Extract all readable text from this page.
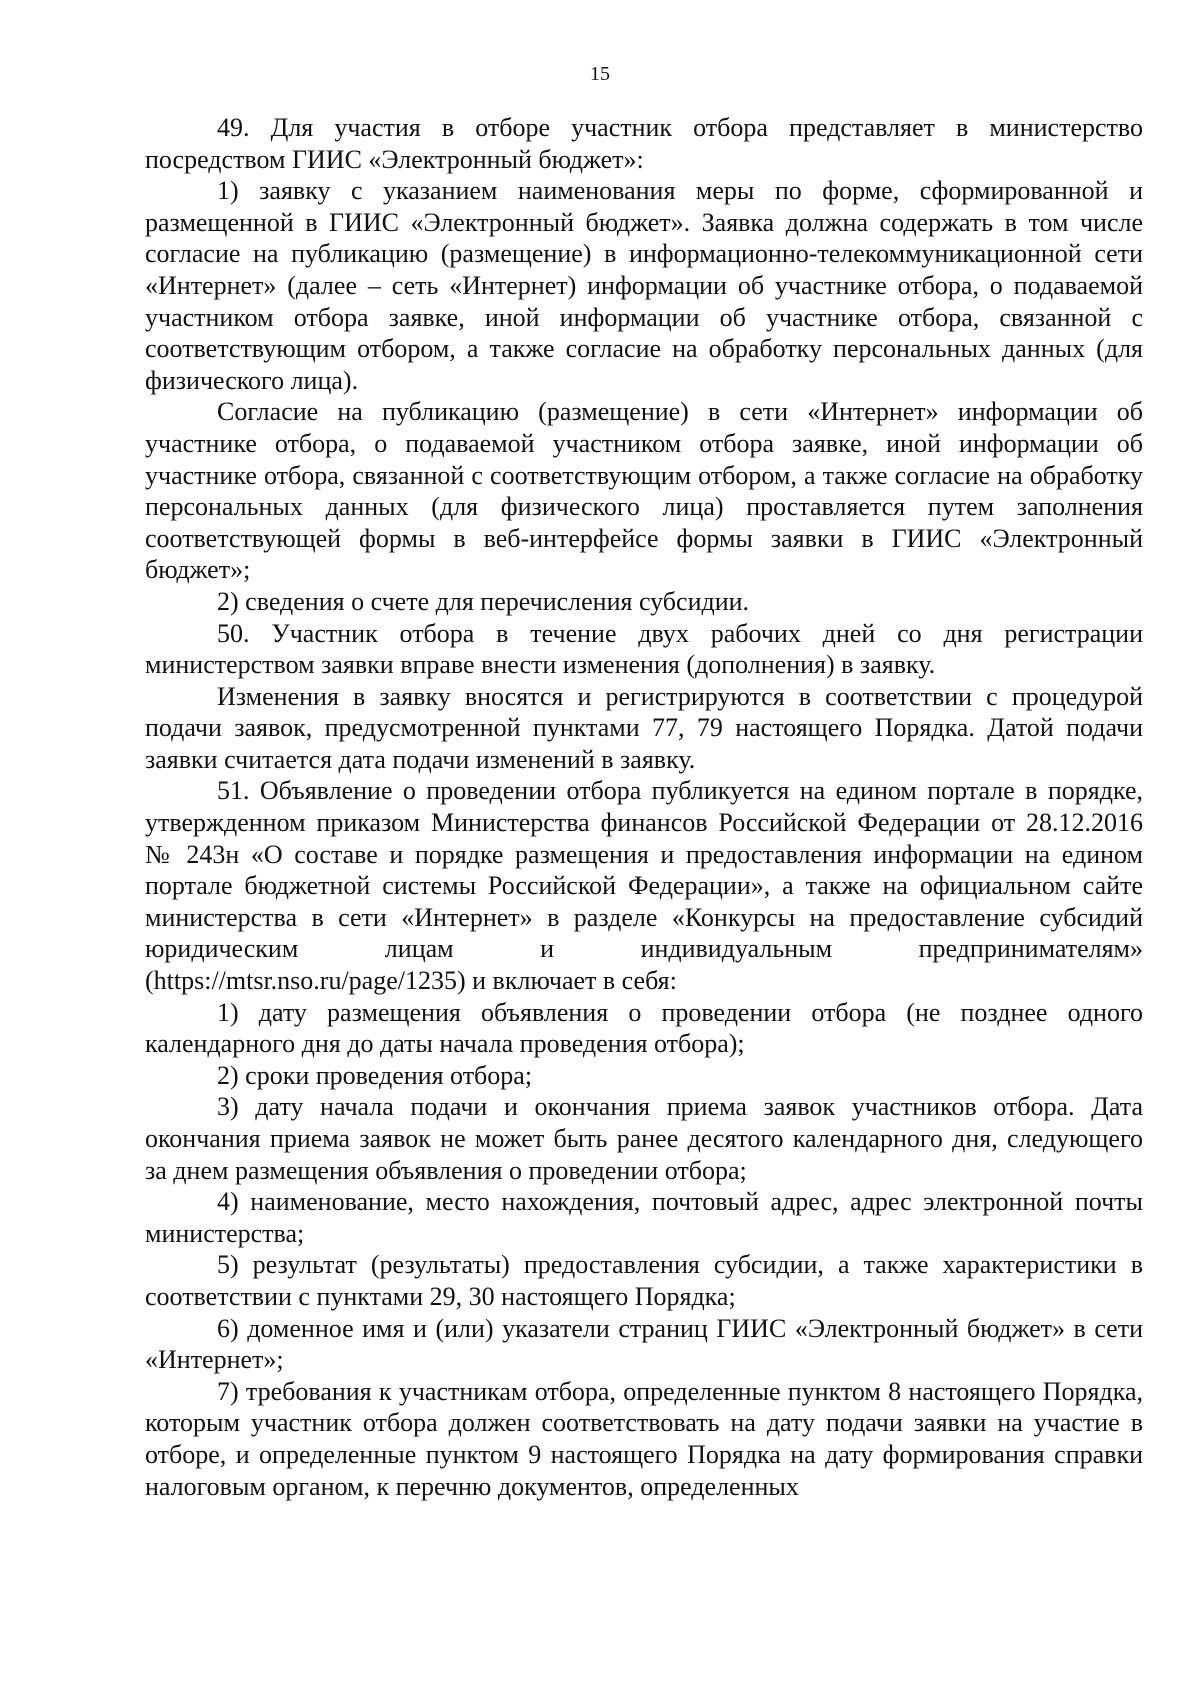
15

49. Для участия в отборе участник отбора представляет в министерство посредством ГИИС «Электронный бюджет»:

1) заявку с указанием наименования меры по форме, сформированной и размещенной в ГИИС «Электронный бюджет». Заявка должна содержать в том числе согласие на публикацию (размещение) в информационно-телекоммуникационной сети «Интернет» (далее – сеть «Интернет) информации об участнике отбора, о подаваемой участником отбора заявке, иной информации об участнике отбора, связанной с соответствующим отбором, а также согласие на обработку персональных данных (для физического лица).

Согласие на публикацию (размещение) в сети «Интернет» информации об участнике отбора, о подаваемой участником отбора заявке, иной информации об участнике отбора, связанной с соответствующим отбором, а также согласие на обработку персональных данных (для физического лица) проставляется путем заполнения соответствующей формы в веб-интерфейсе формы заявки в ГИИС «Электронный бюджет»;

2) сведения о счете для перечисления субсидии.

50. Участник отбора в течение двух рабочих дней со дня регистрации министерством заявки вправе внести изменения (дополнения) в заявку.

Изменения в заявку вносятся и регистрируются в соответствии с процедурой подачи заявок, предусмотренной пунктами 77, 79 настоящего Порядка. Датой подачи заявки считается дата подачи изменений в заявку.

51. Объявление о проведении отбора публикуется на едином портале в порядке, утвержденном приказом Министерства финансов Российской Федерации от 28.12.2016 № 243н «О составе и порядке размещения и предоставления информации на едином портале бюджетной системы Российской Федерации», а также на официальном сайте министерства в сети «Интернет» в разделе «Конкурсы на предоставление субсидий юридическим лицам и индивидуальным предпринимателям» (https://mtsr.nso.ru/page/1235) и включает в себя:

1) дату размещения объявления о проведении отбора (не позднее одного календарного дня до даты начала проведения отбора);

2) сроки проведения отбора;

3) дату начала подачи и окончания приема заявок участников отбора. Дата окончания приема заявок не может быть ранее десятого календарного дня, следующего за днем размещения объявления о проведении отбора;

4) наименование, место нахождения, почтовый адрес, адрес электронной почты министерства;

5) результат (результаты) предоставления субсидии, а также характеристики в соответствии с пунктами 29, 30 настоящего Порядка;

6) доменное имя и (или) указатели страниц ГИИС «Электронный бюджет» в сети «Интернет»;

7) требования к участникам отбора, определенные пунктом 8 настоящего Порядка, которым участник отбора должен соответствовать на дату подачи заявки на участие в отборе, и определенные пунктом 9 настоящего Порядка на дату формирования справки налоговым органом, к перечню документов, определенных
